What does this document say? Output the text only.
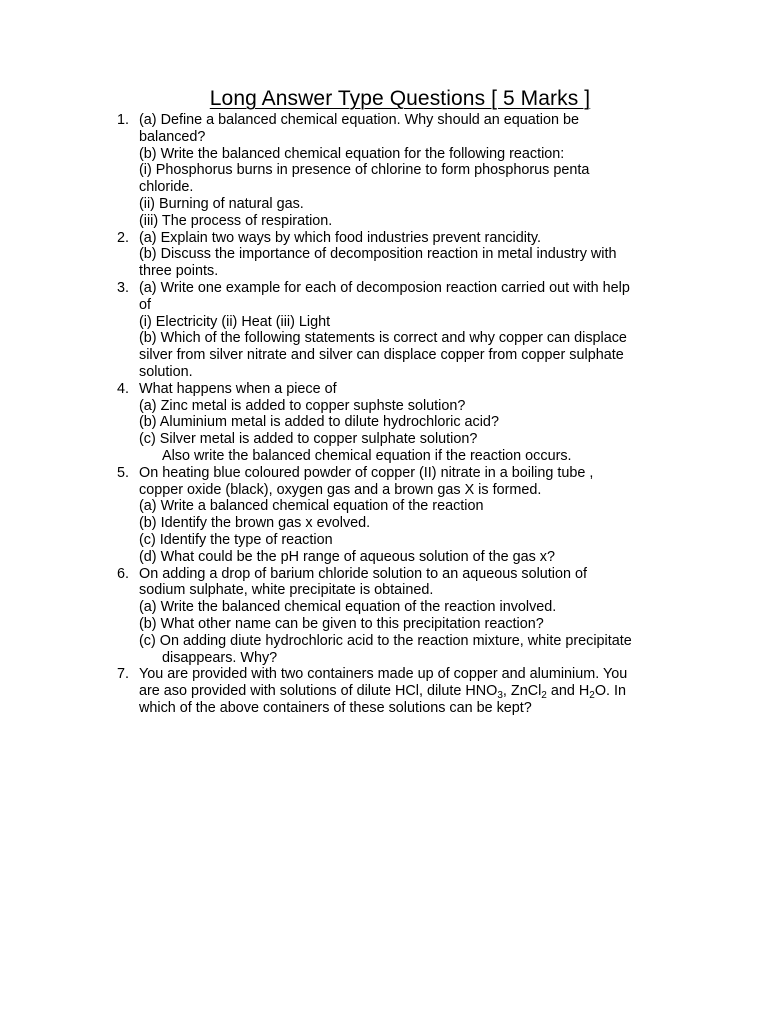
Long Answer Type Questions [ 5 Marks ]
1. (a) Define a balanced chemical equation. Why should an equation be
balanced?
(b) Write the balanced chemical equation for the following reaction:
(i) Phosphorus burns in presence of chlorine to form phosphorus penta
chloride.
(ii) Burning of natural gas.
(iii) The process of respiration.
2. (a) Explain two ways by which food industries prevent rancidity.
(b) Discuss the importance of decomposition reaction in metal industry with
three points.
3. (a) Write one example for each of decomposion reaction carried out with help
of
(i) Electricity (ii) Heat (iii) Light
(b) Which of the following statements is correct and why copper can displace
silver from silver nitrate and silver can displace copper from copper sulphate
solution.
4. What happens when a piece of
(a) Zinc metal is added to copper suphste solution?
(b) Aluminium metal is added to dilute hydrochloric acid?
(c) Silver metal is added to copper sulphate solution?
Also write the balanced chemical equation if the reaction occurs.
5. On heating blue coloured powder of copper (II) nitrate in a boiling tube ,
copper oxide (black), oxygen gas and a brown gas X is formed.
(a) Write a balanced chemical equation of the reaction
(b) Identify the brown gas x evolved.
(c) Identify the type of reaction
(d) What could be the pH range of aqueous solution of the gas x?
6. On adding a drop of barium chloride solution to an aqueous solution of
sodium sulphate, white precipitate is obtained.
(a) Write the balanced chemical equation of the reaction involved.
(b) What other name can be given to this precipitation reaction?
(c) On adding diute hydrochloric acid to the reaction mixture, white precipitate
disappears. Why?
7. You are provided with two containers made up of copper and aluminium. You
are aso provided with solutions of dilute HCl, dilute $HNO_3$, ZnCl$_2$ and $H_2O$. In
which of the above containers of these solutions can be kept?
